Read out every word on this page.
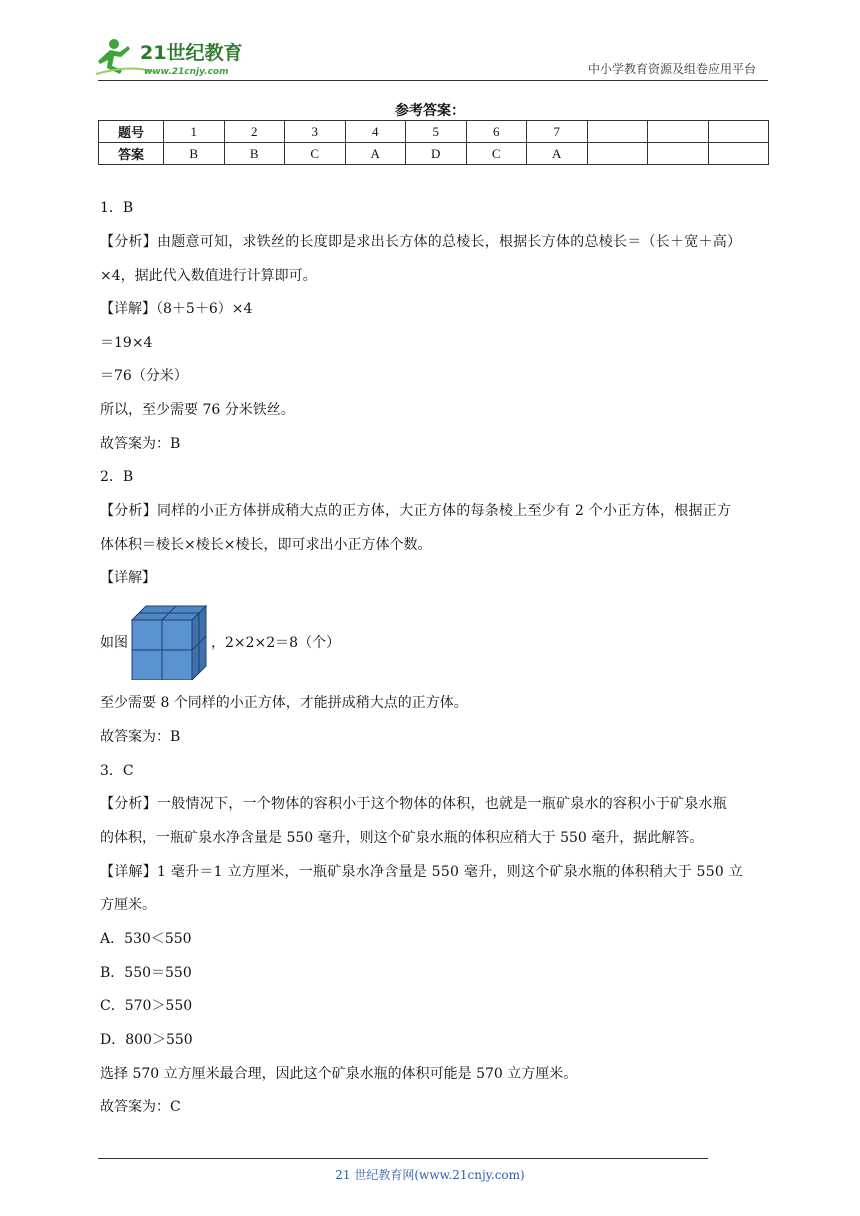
21世纪教育
www.21cnjy.com	中小学教育资源及组卷应用平台
参考答案：
题号	1	2	3	4	5	6	7			
答案	B	B	C	A	D	C	A			
1．B
【分析】由题意可知，求铁丝的长度即是求出长方体的总棱长，根据长方体的总棱长＝（长＋宽＋高）
×4，据此代入数值进行计算即可。
【详解】（8＋5＋6）×4
＝19×4
＝76（分米）
所以，至少需要 76 分米铁丝。
故答案为：B
2．B
【分析】同样的小正方体拼成稍大点的正方体，大正方体的每条棱上至少有 2 个小正方体，根据正方
体体积＝棱长×棱长×棱长，即可求出小正方体个数。
【详解】
如图	，2×2×2＝8（个）
至少需要 8 个同样的小正方体，才能拼成稍大点的正方体。
故答案为：B
3．C
【分析】一般情况下，一个物体的容积小于这个物体的体积，也就是一瓶矿泉水的容积小于矿泉水瓶
的体积，一瓶矿泉水净含量是 550 毫升，则这个矿泉水瓶的体积应稍大于 550 毫升，据此解答。
【详解】1 毫升＝1 立方厘米，一瓶矿泉水净含量是 550 毫升，则这个矿泉水瓶的体积稍大于 550 立
方厘米。
A．530＜550
B．550＝550
C．570＞550
D．800＞550
选择 570 立方厘米最合理，因此这个矿泉水瓶的体积可能是 570 立方厘米。
故答案为：C
21 世纪教育网(www.21cnjy.com)
